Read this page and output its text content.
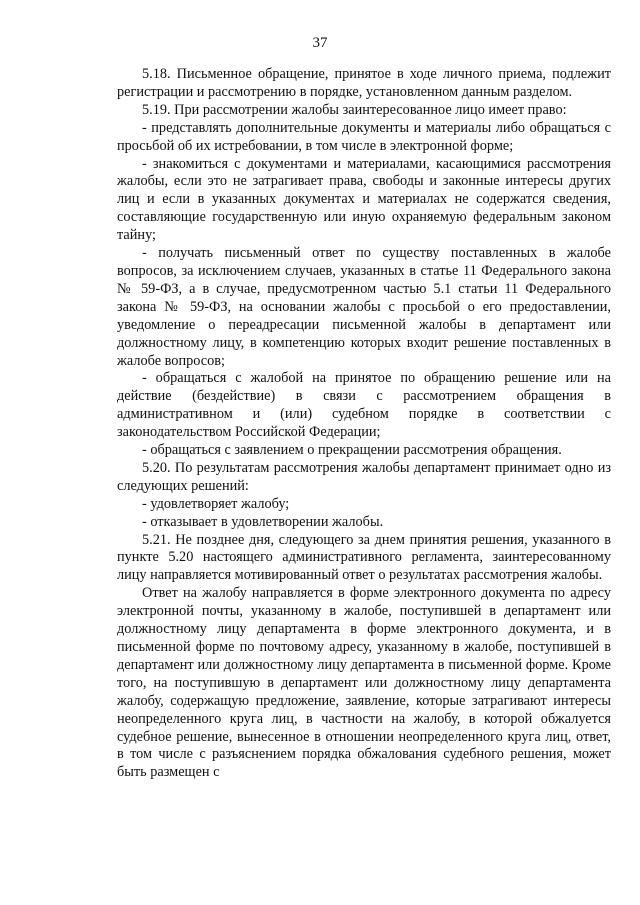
37

5.18. Письменное обращение, принятое в ходе личного приема, подлежит регистрации и рассмотрению в порядке, установленном данным разделом.

5.19. При рассмотрении жалобы заинтересованное лицо имеет право:

- представлять дополнительные документы и материалы либо обращаться с просьбой об их истребовании, в том числе в электронной форме;

- знакомиться с документами и материалами, касающимися рассмотрения жалобы, если это не затрагивает права, свободы и законные интересы других лиц и если в указанных документах и материалах не содержатся сведения, составляющие государственную или иную охраняемую федеральным законом тайну;

- получать письменный ответ по существу поставленных в жалобе вопросов, за исключением случаев, указанных в статье 11 Федерального закона № 59-ФЗ, а в случае, предусмотренном частью 5.1 статьи 11 Федерального закона № 59-ФЗ, на основании жалобы с просьбой о его предоставлении, уведомление о переадресации письменной жалобы в департамент или должностному лицу, в компетенцию которых входит решение поставленных в жалобе вопросов;

- обращаться с жалобой на принятое по обращению решение или на действие (бездействие) в связи с рассмотрением обращения в административном и (или) судебном порядке в соответствии с законодательством Российской Федерации;

- обращаться с заявлением о прекращении рассмотрения обращения.

5.20. По результатам рассмотрения жалобы департамент принимает одно из следующих решений:

- удовлетворяет жалобу;

- отказывает в удовлетворении жалобы.

5.21. Не позднее дня, следующего за днем принятия решения, указанного в пункте 5.20 настоящего административного регламента, заинтересованному лицу направляется мотивированный ответ о результатах рассмотрения жалобы.

Ответ на жалобу направляется в форме электронного документа по адресу электронной почты, указанному в жалобе, поступившей в департамент или должностному лицу департамента в форме электронного документа, и в письменной форме по почтовому адресу, указанному в жалобе, поступившей в департамент или должностному лицу департамента в письменной форме. Кроме того, на поступившую в департамент или должностному лицу департамента жалобу, содержащую предложение, заявление, которые затрагивают интересы неопределенного круга лиц, в частности на жалобу, в которой обжалуется судебное решение, вынесенное в отношении неопределенного круга лиц, ответ, в том числе с разъяснением порядка обжалования судебного решения, может быть размещен с
